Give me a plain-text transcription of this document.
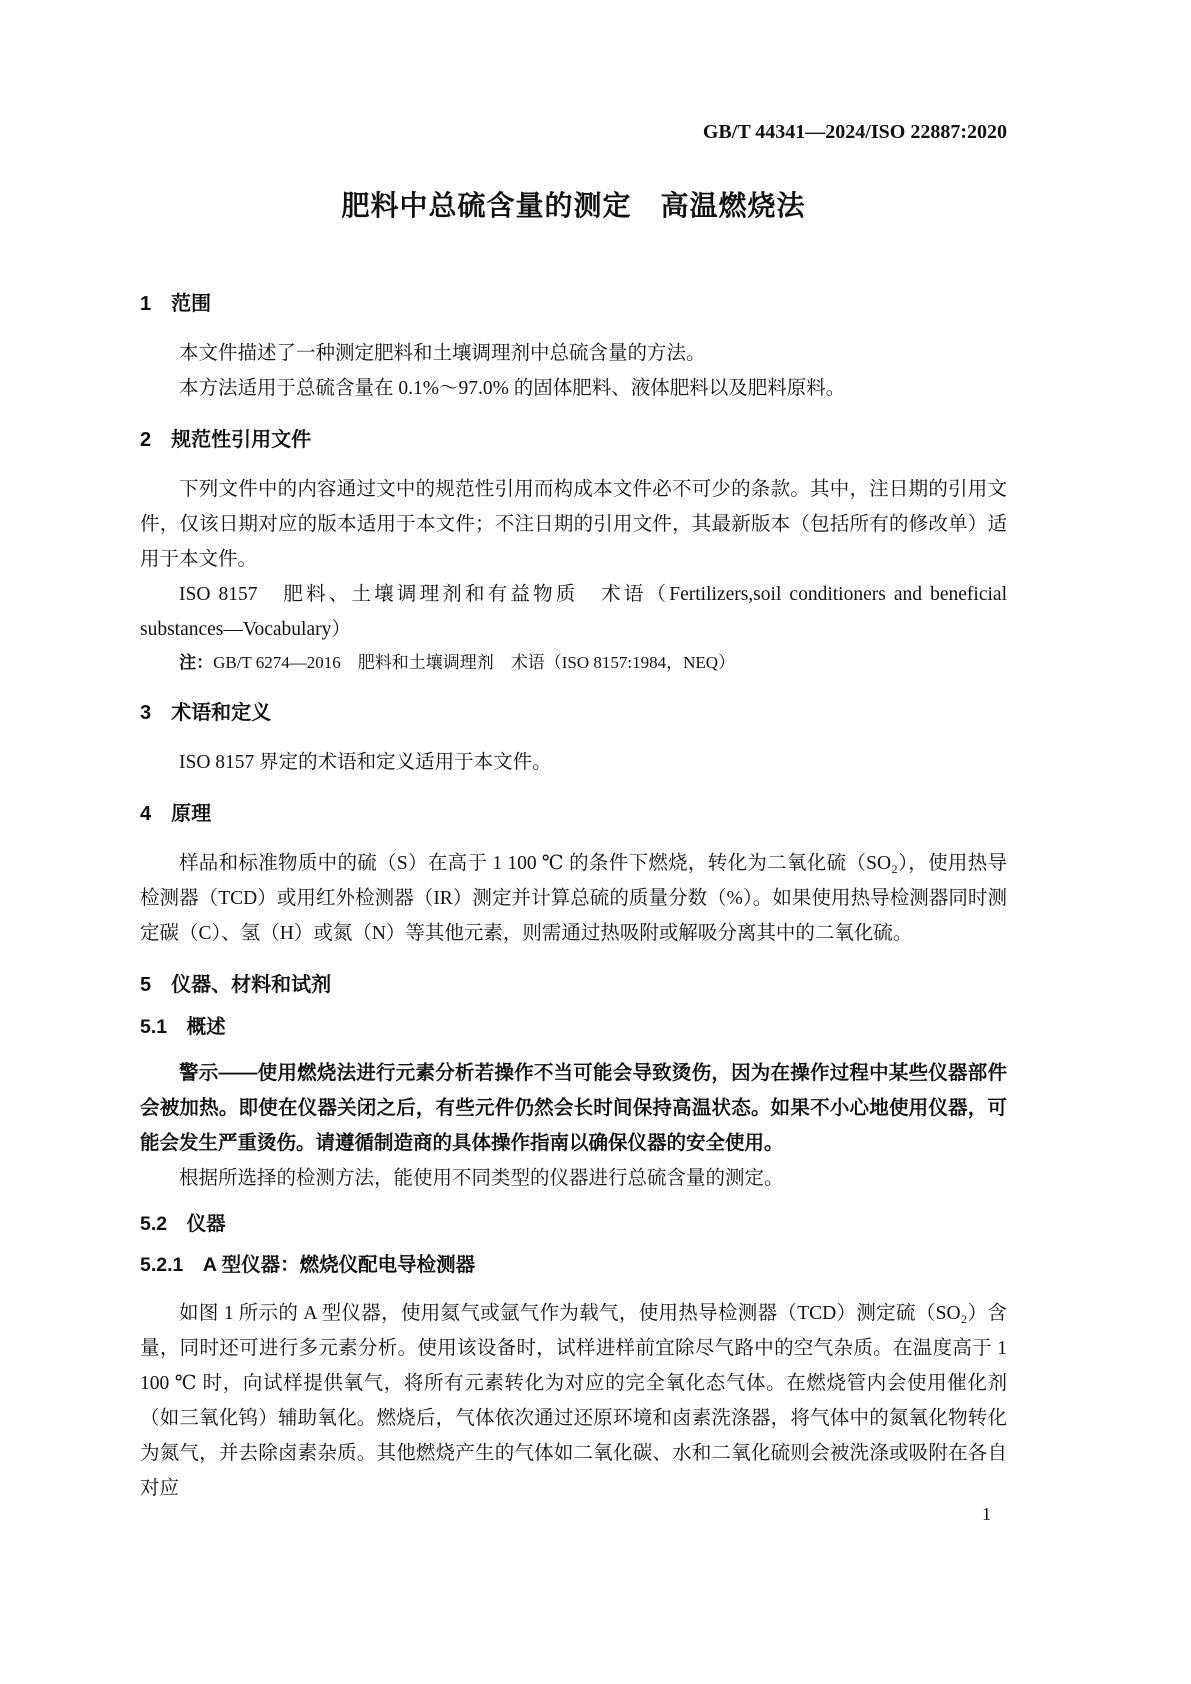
GB/T 44341—2024/ISO 22887:2020
肥料中总硫含量的测定　高温燃烧法
1　范围

本文件描述了一种测定肥料和土壤调理剂中总硫含量的方法。

本方法适用于总硫含量在 0.1%～97.0% 的固体肥料、液体肥料以及肥料原料。

2　规范性引用文件

下列文件中的内容通过文中的规范性引用而构成本文件必不可少的条款。其中，注日期的引用文件，仅该日期对应的版本适用于本文件；不注日期的引用文件，其最新版本（包括所有的修改单）适用于本文件。

ISO 8157　肥料、土壤调理剂和有益物质　术语（Fertilizers,soil conditioners and beneficial substances—Vocabulary）

注：GB/T 6274—2016　肥料和土壤调理剂　术语（ISO 8157:1984，NEQ）

3　术语和定义

ISO 8157 界定的术语和定义适用于本文件。

4　原理

样品和标准物质中的硫（S）在高于 1 100 ℃ 的条件下燃烧，转化为二氧化硫（SO₂），使用热导检测器（TCD）或用红外检测器（IR）测定并计算总硫的质量分数（%）。如果使用热导检测器同时测定碳（C）、氢（H）或氮（N）等其他元素，则需通过热吸附或解吸分离其中的二氧化硫。

5　仪器、材料和试剂
5.1　概述

警示——使用燃烧法进行元素分析若操作不当可能会导致烫伤，因为在操作过程中某些仪器部件会被加热。即使在仪器关闭之后，有些元件仍然会长时间保持高温状态。如果不小心地使用仪器，可能会发生严重烫伤。请遵循制造商的具体操作指南以确保仪器的安全使用。

根据所选择的检测方法，能使用不同类型的仪器进行总硫含量的测定。

5.2　仪器
5.2.1　A 型仪器：燃烧仪配电导检测器

如图 1 所示的 A 型仪器，使用氦气或氩气作为载气，使用热导检测器（TCD）测定硫（SO₂）含量，同时还可进行多元素分析。使用该设备时，试样进样前宜除尽气路中的空气杂质。在温度高于 1 100 ℃ 时，向试样提供氧气，将所有元素转化为对应的完全氧化态气体。在燃烧管内会使用催化剂（如三氧化钨）辅助氧化。燃烧后，气体依次通过还原环境和卤素洗涤器，将气体中的氮氧化物转化为氮气，并去除卤素杂质。其他燃烧产生的气体如二氧化碳、水和二氧化硫则会被洗涤或吸附在各自对应

1
